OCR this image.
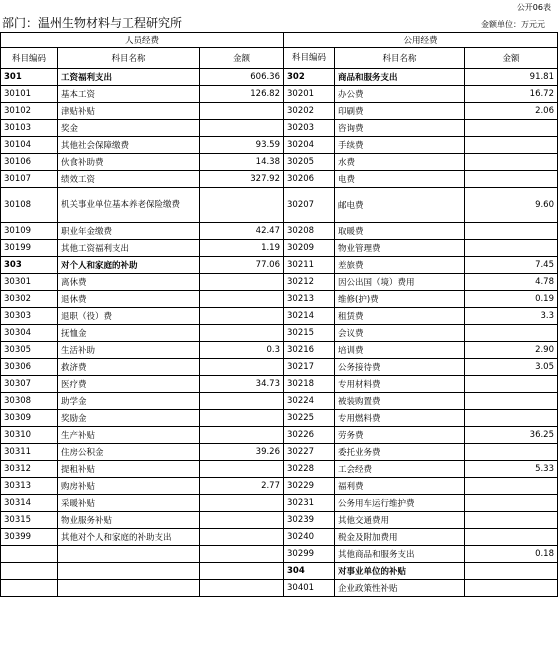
公开06表
部门：温州生物材料与工程研究所	金额单位：万元元
人员经费			公用经费		
科目编码	科目名称	金额	科目编码	科目名称	金额
301	工资福利支出	606.36	302	商品和服务支出	91.81
30101	基本工资	126.82	30201	办公费	16.72
30102	津贴补贴		30202	印刷费	2.06
30103	奖金		30203	咨询费	
30104	其他社会保障缴费	93.59	30204	手续费	
30106	伙食补助费	14.38	30205	水费	
30107	绩效工资	327.92	30206	电费	
30108	机关事业单位基本养老保险缴费		30207	邮电费	9.60
30109	职业年金缴费	42.47	30208	取暖费	
30199	其他工资福利支出	1.19	30209	物业管理费	
303	对个人和家庭的补助	77.06	30211	差旅费	7.45
30301	离休费		30212	因公出国（境）费用	4.78
30302	退休费		30213	维修(护)费	0.19
30303	退职（役）费		30214	租赁费	3.3
30304	抚恤金		30215	会议费	
30305	生活补助	0.3	30216	培训费	2.90
30306	救济费		30217	公务接待费	3.05
30307	医疗费	34.73	30218	专用材料费	
30308	助学金		30224	被装购置费	
30309	奖励金		30225	专用燃料费	
30310	生产补贴		30226	劳务费	36.25
30311	住房公积金	39.26	30227	委托业务费	
30312	提租补贴		30228	工会经费	5.33
30313	购房补贴	2.77	30229	福利费	
30314	采暖补贴		30231	公务用车运行维护费	
30315	物业服务补贴		30239	其他交通费用	
30399	其他对个人和家庭的补助支出		30240	税金及附加费用	
			30299	其他商品和服务支出	0.18
			304	对事业单位的补贴	
			30401	企业政策性补贴	
